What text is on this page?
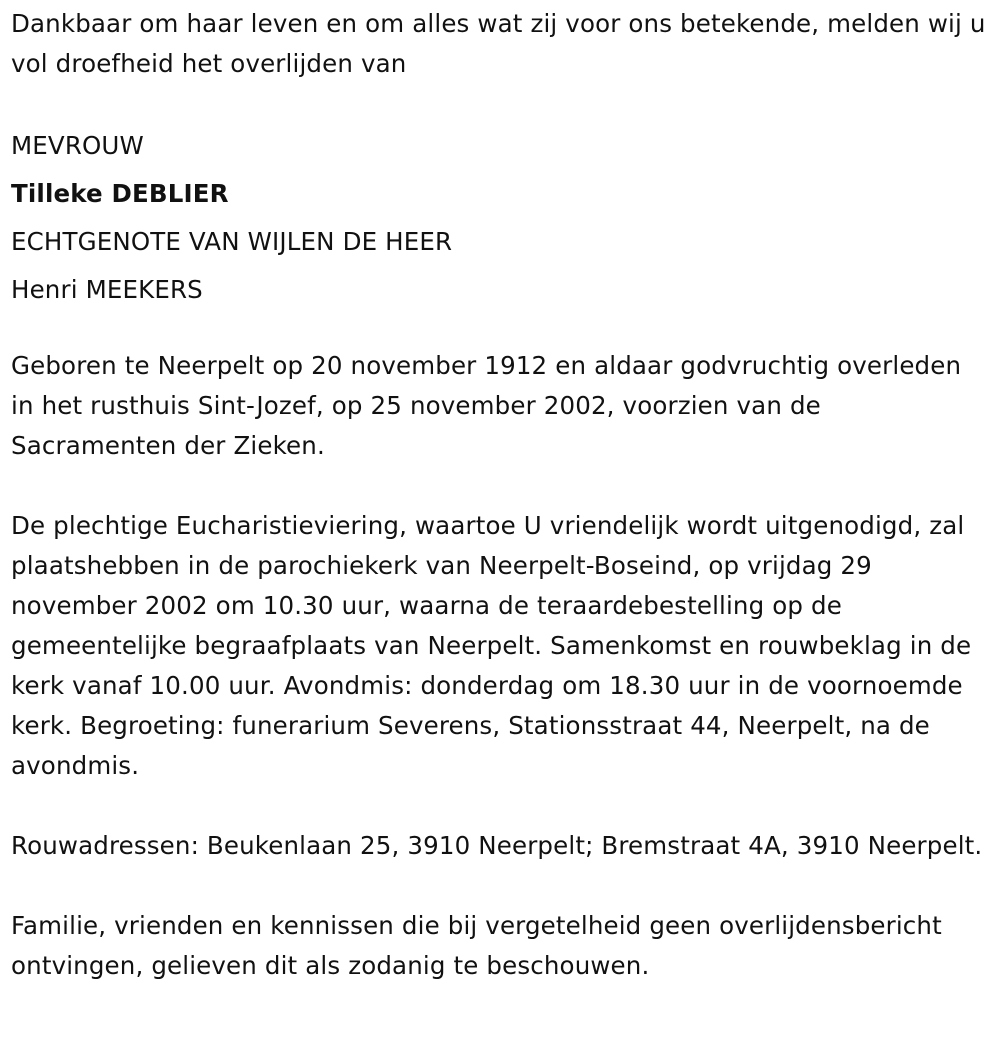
Dankbaar om haar leven en om alles wat zij voor ons betekende, melden wij u vol droefheid het overlijden van

MEVROUW
Tilleke DEBLIER
ECHTGENOTE VAN WIJLEN DE HEER
Henri MEEKERS

Geboren te Neerpelt op 20 november 1912 en aldaar godvruchtig overleden in het rusthuis Sint-Jozef, op 25 november 2002, voorzien van de Sacramenten der Zieken.

De plechtige Eucharistieviering, waartoe U vriendelijk wordt uitgenodigd, zal plaatshebben in de parochiekerk van Neerpelt-Boseind, op vrijdag 29 november 2002 om 10.30 uur, waarna de teraardebestelling op de gemeentelijke begraafplaats van Neerpelt. Samenkomst en rouwbeklag in de kerk vanaf 10.00 uur. Avondmis: donderdag om 18.30 uur in de voornoemde kerk. Begroeting: funerarium Severens, Stationsstraat 44, Neerpelt, na de avondmis.

Rouwadressen: Beukenlaan 25, 3910 Neerpelt; Bremstraat 4A, 3910 Neerpelt.

Familie, vrienden en kennissen die bij vergetelheid geen overlijdensbericht ontvingen, gelieven dit als zodanig te beschouwen.
